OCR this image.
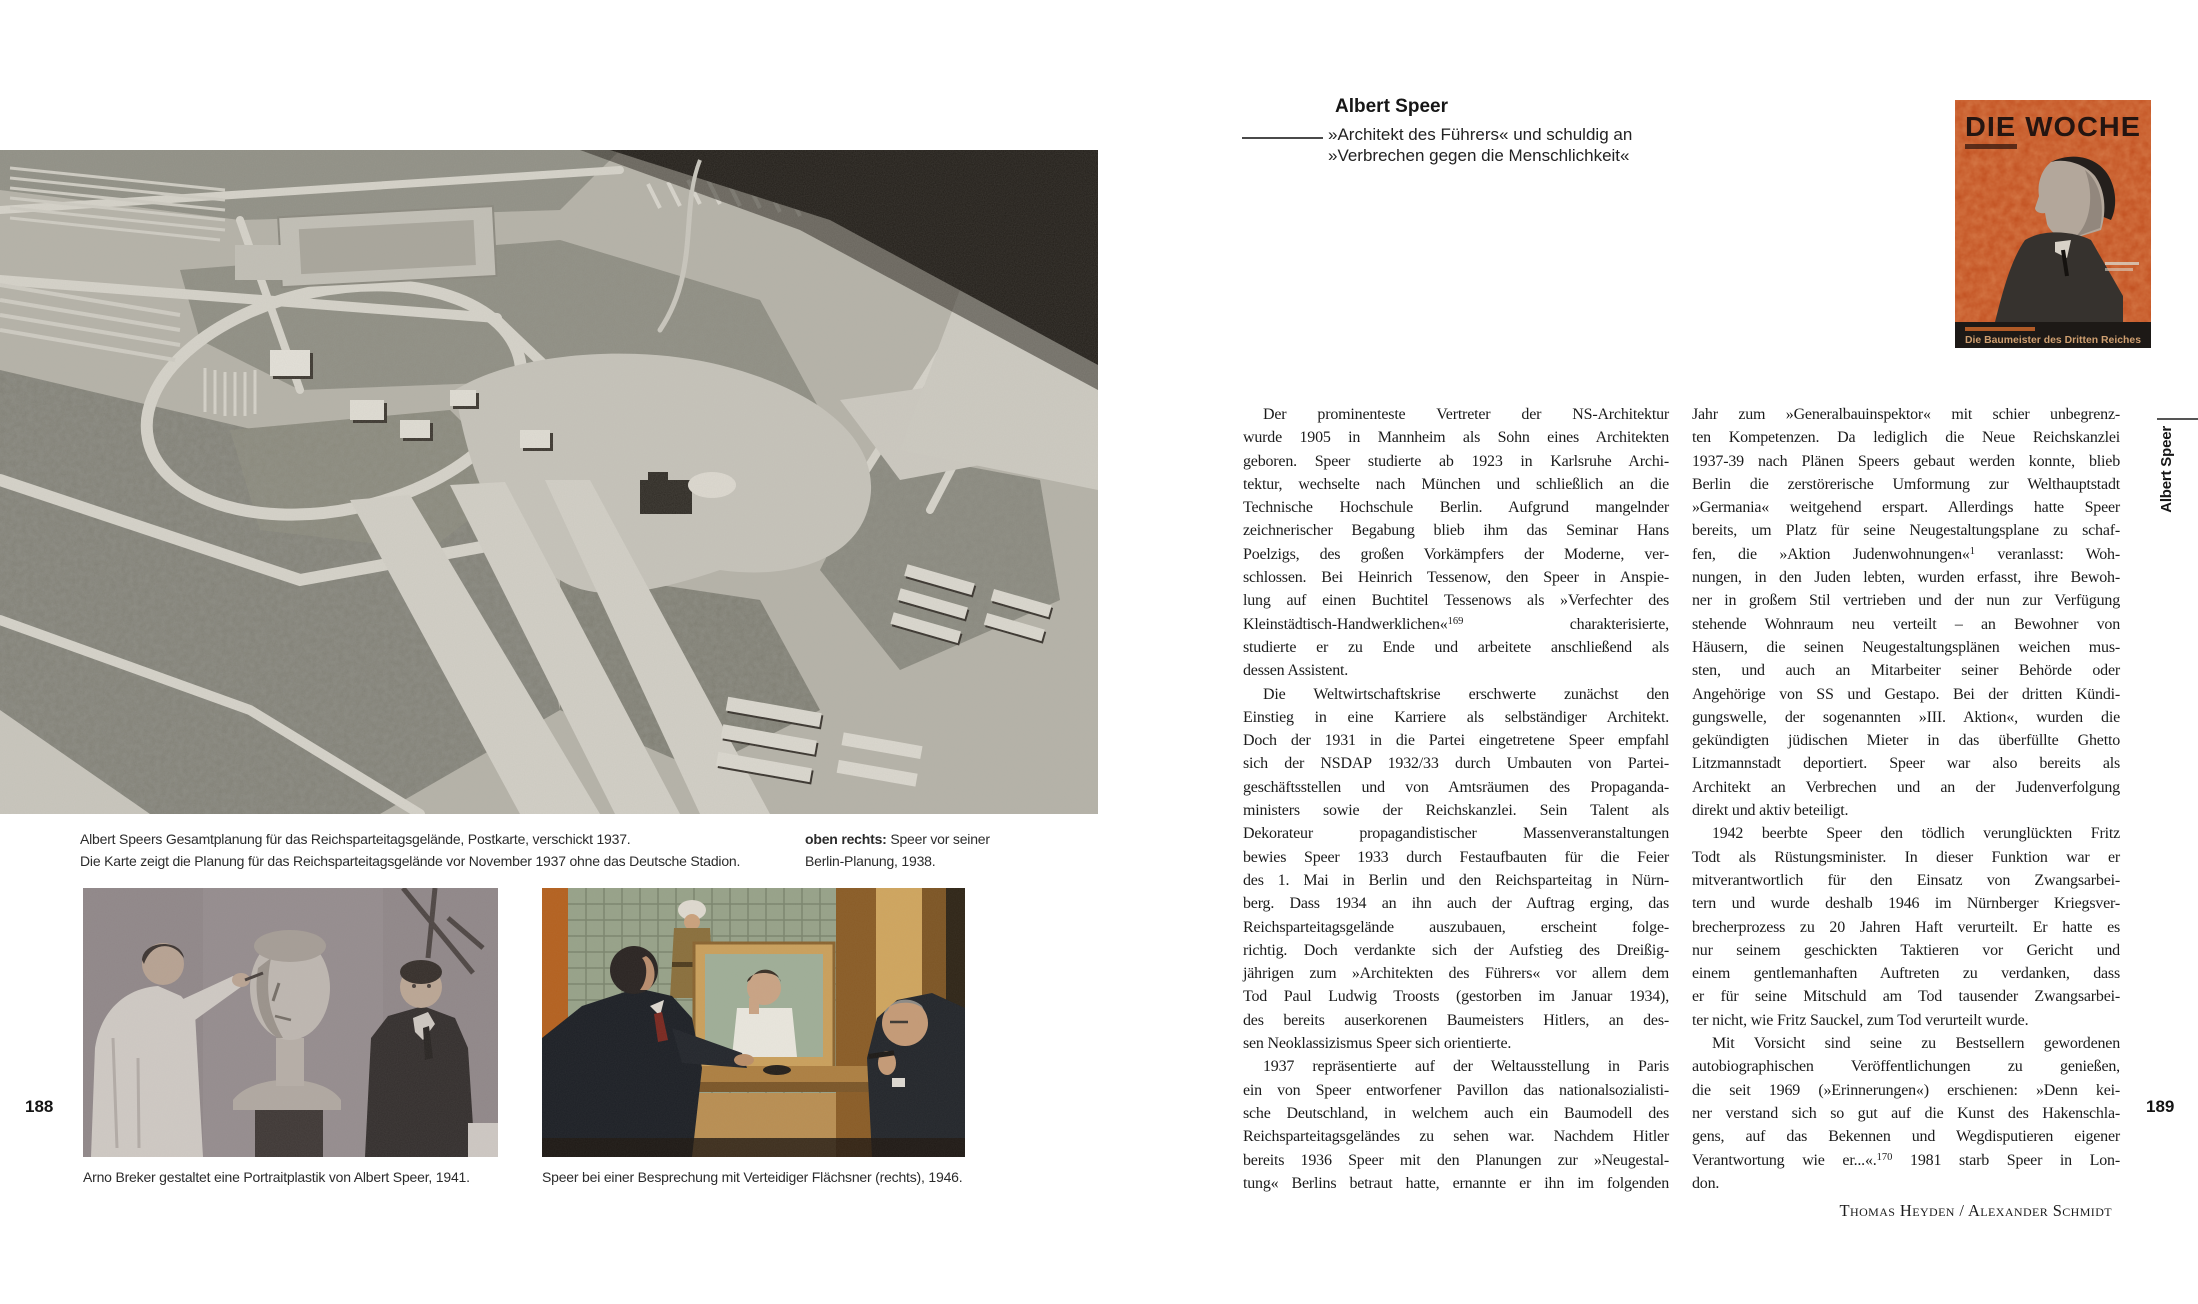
Albert Speers Gesamtplanung für das Reichsparteitagsgelände, Postkarte, verschickt 1937.
Die Karte zeigt die Planung für das Reichsparteitagsgelände vor November 1937 ohne das Deutsche Stadion.
oben rechts: Speer vor seiner
Berlin-Planung, 1938.
Arno Breker gestaltet eine Portraitplastik von Albert Speer, 1941.	Speer bei einer Besprechung mit Verteidiger Flächsner (rechts), 1946.
188
Albert Speer
»Architekt des Führers« und schuldig an
»Verbrechen gegen die Menschlichkeit«
DIE WOCHE
Die Baumeister des Dritten Reiches
Der prominenteste Vertreter der NS-Architektur
wurde 1905 in Mannheim als Sohn eines Architekten
geboren. Speer studierte ab 1923 in Karlsruhe Archi-
tektur, wechselte nach München und schließlich an die
Technische Hochschule Berlin. Aufgrund mangelnder
zeichnerischer Begabung blieb ihm das Seminar Hans
Poelzigs, des großen Vorkämpfers der Moderne, ver-
schlossen. Bei Heinrich Tessenow, den Speer in Anspie-
lung auf einen Buchtitel Tessenows als »Verfechter des
Kleinstädtisch-Handwerklichen«$^{169}$ charakterisierte,
studierte er zu Ende und arbeitete anschließend als
dessen Assistent.
Die Weltwirtschaftskrise erschwerte zunächst den
Einstieg in eine Karriere als selbständiger Architekt.
Doch der 1931 in die Partei eingetretene Speer empfahl
sich der NSDAP 1932/33 durch Umbauten von Partei-
geschäftsstellen und von Amtsräumen des Propaganda-
ministers sowie der Reichskanzlei. Sein Talent als
Dekorateur propagandistischer Massenveranstaltungen
bewies Speer 1933 durch Festaufbauten für die Feier
des 1. Mai in Berlin und den Reichsparteitag in Nürn-
berg. Dass 1934 an ihn auch der Auftrag erging, das
Reichsparteitagsgelände auszubauen, erscheint folge-
richtig. Doch verdankte sich der Aufstieg des Dreißig-
jährigen zum »Architekten des Führers« vor allem dem
Tod Paul Ludwig Troosts (gestorben im Januar 1934),
des bereits auserkorenen Baumeisters Hitlers, an des-
sen Neoklassizismus Speer sich orientierte.
1937 repräsentierte auf der Weltausstellung in Paris
ein von Speer entworfener Pavillon das nationalsozialisti-
sche Deutschland, in welchem auch ein Baumodell des
Reichsparteitagsgeländes zu sehen war. Nachdem Hitler
bereits 1936 Speer mit den Planungen zur »Neugestal-
tung« Berlins betraut hatte, ernannte er ihn im folgenden
Jahr zum »Generalbauinspektor« mit schier unbegrenz-
ten Kompetenzen. Da lediglich die Neue Reichskanzlei
1937-39 nach Plänen Speers gebaut werden konnte, blieb
Berlin die zerstörerische Umformung zur Welthauptstadt
»Germania« weitgehend erspart. Allerdings hatte Speer
bereits, um Platz für seine Neugestaltungsplane zu schaf-
fen, die »Aktion Judenwohnungen«$^1$ veranlasst: Woh-
nungen, in den Juden lebten, wurden erfasst, ihre Bewoh-
ner in großem Stil vertrieben und der nun zur Verfügung
stehende Wohnraum neu verteilt – an Bewohner von
Häusern, die seinen Neugestaltungsplänen weichen mus-
sten, und auch an Mitarbeiter seiner Behörde oder
Angehörige von SS und Gestapo. Bei der dritten Kündi-
gungswelle, der sogenannten »III. Aktion«, wurden die
gekündigten jüdischen Mieter in das überfüllte Ghetto
Litzmannstadt deportiert. Speer war also bereits als
Architekt an Verbrechen und an der Judenverfolgung
direkt und aktiv beteiligt.
1942 beerbte Speer den tödlich verunglückten Fritz
Todt als Rüstungsminister. In dieser Funktion war er
mitverantwortlich für den Einsatz von Zwangsarbei-
tern und wurde deshalb 1946 im Nürnberger Kriegsver-
brecherprozess zu 20 Jahren Haft verurteilt. Er hatte es
nur seinem geschickten Taktieren vor Gericht und
einem gentlemanhaften Auftreten zu verdanken, dass
er für seine Mitschuld am Tod tausender Zwangsarbei-
ter nicht, wie Fritz Sauckel, zum Tod verurteilt wurde.
Mit Vorsicht sind seine zu Bestsellern gewordenen
autobiographischen Veröffentlichungen zu genießen,
die seit 1969 (»Erinnerungen«) erschienen: »Denn kei-
ner verstand sich so gut auf die Kunst des Hakenschla-
gens, auf das Bekennen und Wegdisputieren eigener
Verantwortung wie er...«.$^{170}$ 1981 starb Speer in Lon-
don.
Thomas Heyden / Alexander Schmidt
Albert Speer
189
